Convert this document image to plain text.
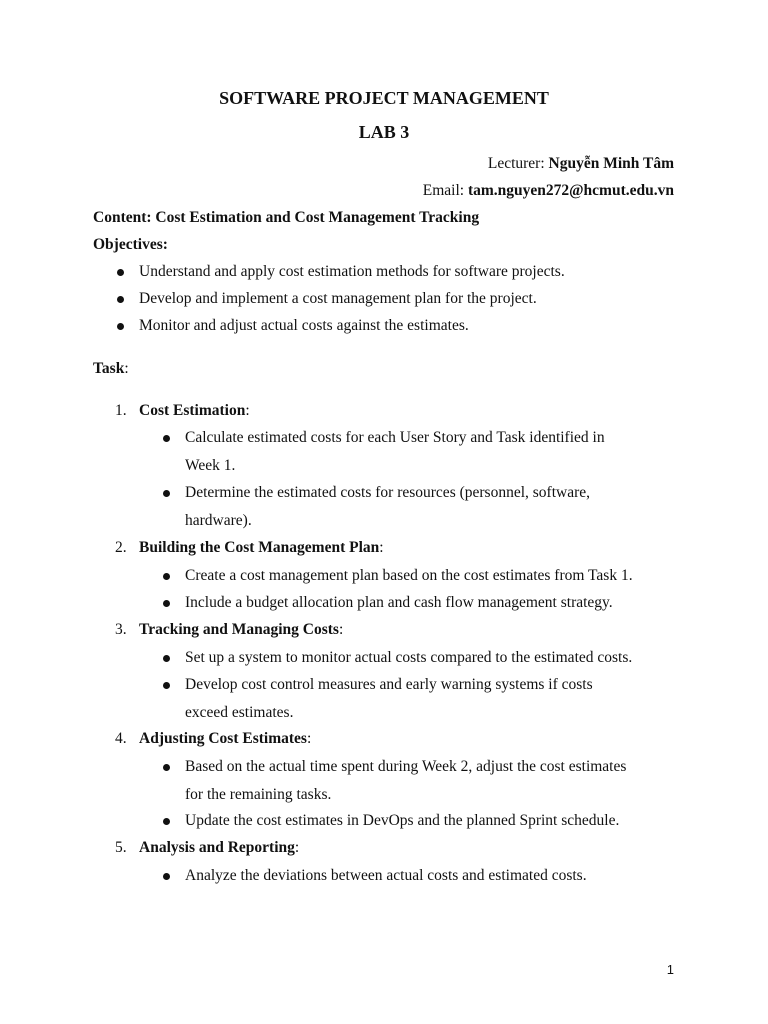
SOFTWARE PROJECT MANAGEMENT
LAB 3
Lecturer: Nguyễn Minh Tâm
Email: tam.nguyen272@hcmut.edu.vn
Content: Cost Estimation and Cost Management Tracking
Objectives:
Understand and apply cost estimation methods for software projects.
Develop and implement a cost management plan for the project.
Monitor and adjust actual costs against the estimates.
Task:
1. Cost Estimation:
Calculate estimated costs for each User Story and Task identified in
Week 1.
Determine the estimated costs for resources (personnel, software,
hardware).
2. Building the Cost Management Plan:
Create a cost management plan based on the cost estimates from Task 1.
Include a budget allocation plan and cash flow management strategy.
3. Tracking and Managing Costs:
Set up a system to monitor actual costs compared to the estimated costs.
Develop cost control measures and early warning systems if costs
exceed estimates.
4. Adjusting Cost Estimates:
Based on the actual time spent during Week 2, adjust the cost estimates
for the remaining tasks.
Update the cost estimates in DevOps and the planned Sprint schedule.
5. Analysis and Reporting:
Analyze the deviations between actual costs and estimated costs.
1
